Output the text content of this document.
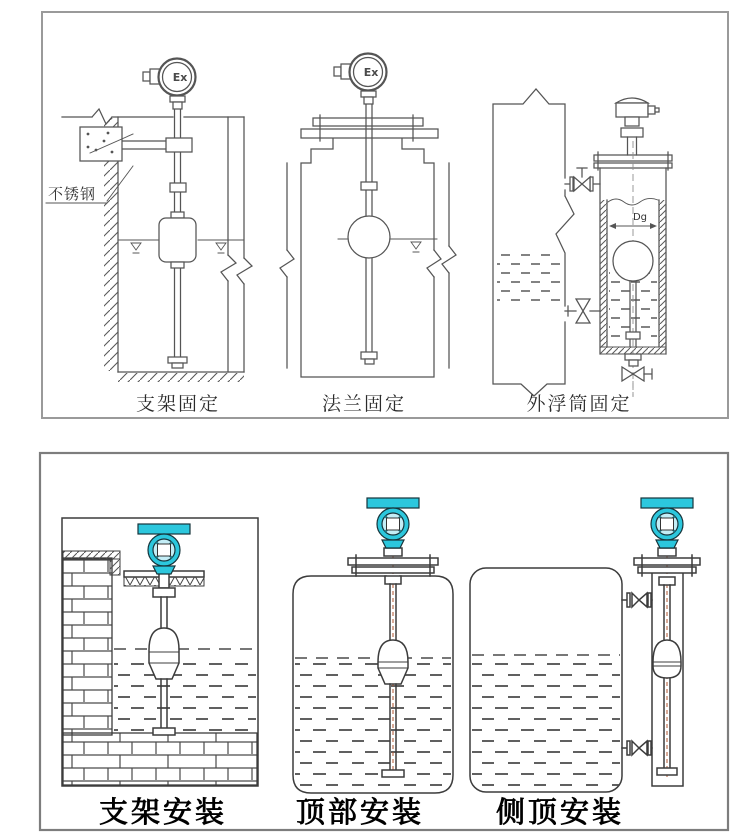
Ex
不锈钢
支架固定
Ex
法兰固定
Dg
外浮筒固定
支架安装 顶部安装 侧顶安装
